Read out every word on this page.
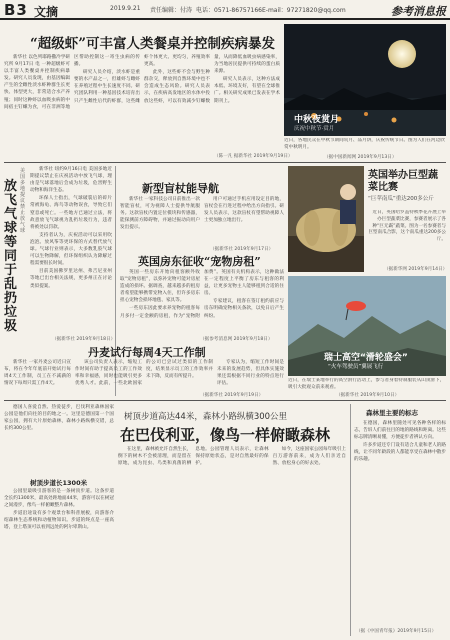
B3 文摘	2019.9.21 责任编辑：付涛 电话：0571-86757166 E-mail：97271820@qq.com	参考消息报
“超级虾”可丰富人类餐桌并控制疾病暴发

新华社 以色列耶路撒冷学研究所 9月17日 电 一种超级虾可以丰富人类餐桌并控制疾病暴发。研究人员发现，由基因编辑产生的全雌性淡水虾种群生长更快、体型更大，非常适合水产养殖；同时这种虾以血吸虫病的中间宿主钉螺为食，可在非洲等地区帮助控制这一寄生虫病的传播。

研究人员介绍，淡水虾是重要的水产品之一，但雄虾与雌虾在养殖过程中生长速度不同。研究团队利用一种基因技术培育出只产生雌性后代的虾群，这些雌虾个体更大、更均匀，养殖效率更高。

此外，这些虾不会与野生种群杂交，释放到自然环境中也不会造成生态风险。研究人员表示，在疾病高发地区的水体中投放这些虾，可以有效减少钉螺数量，从而降低血吸虫病感染率，为当地居民提供可持续的蛋白质来源。

研究人员表示，这种方法成本低、环境友好，有望在全球推广。相关研究成果已发表在学术期刊上。

（陈一凡 据新华社 2019年9月19日）
中秋夜赏月
庆祝中秋节·赏月
近日，各地民众在中秋节期间赏月、品月饼，庆祝传统节日。图为人们在河边欣赏中秋明月。
（据中国新闻网 2019年9月13日）
放飞气球等同于乱扔垃圾
美国多地提议禁止放气球

新华社 纽约9月16日电 美国多地近期提议禁止在庆祝活动中放飞气球，理由是气球落地后会成为垃圾，危害野生动物和海洋生态。

环保人士指出，气球破裂后的碎片常被海龟、海鸟等动物误食，导致它们窒息或死亡。一些地方已通过立法，将故意放飞气球视为乱扔垃圾行为，违者将被处以罚款。

支持者认为，庆祝活动可以采用吹泡泡、放风筝等更环保的方式替代放气球。气球行业则表示，大多数乳胶气球可以生物降解，但环保组织认为降解过程需要很长时间。

目前美国佛罗里达州、弗吉尼亚州等地已出台相关法规，更多州正在讨论类似提案。

（据新华社 2019年9月18日）
新型盲杖能导航

新华社 一家科技公司日前推出一款智能盲杖，可为视障人士提供导航服务。这款盲杖内置定位模块和传感器，能探测前方障碍物，并通过振动向用户发出提示。

用户可通过手机应用设定目的地，盲杖会在行进过程中给出方向指引。研发人员表示，这款盲杖有望帮助视障人士更加独立地出行。

（据新华社 2019年9月17日）
英国房东征收“宠物房租”

英国一些房东开始向租客额外收取“宠物房租”，以弥补宠物可能对房屋造成的损坏。据调查，越来越多的租房者希望能够携带宠物入住，但许多房东担心宠物会损坏地毯、家具等。

一些房东因此要求养宠物的租客每月多付一定金额的房租，作为“宠物附加费”。英国有关机构表示，这种做法在一定程度上平衡了房东与租客的利益，让更多宠物主人能够租到合适的住房。

专家建议，租客在签订租约前应与房东明确宠物相关条款，以免日后产生纠纷。

（据参考消息网 2019年9月18日）
英国举办巨型蔬菜比赛
“巨苹南瓜”重达200多公斤
近日，英国哈罗盖特秋季花卉展上举办巨型蔬菜比赛，参赛者展示了各种“巨无霸”蔬菜。图为一名参赛者与巨型南瓜合影，这个南瓜重达200多公斤。
（据新华网 2019年9月14日）
瑞士高空“滑轮盛会”
“火车驾驶员”翼展飞行
近日，在瑞士某地举行的高空滑行活动上，参与者身着特制服装从山顶滑下，吸引大批观众前来观看。
（据新华社 2019年9月10日）
丹麦试行每周4天工作制

新华社 一家丹麦公司近日宣布，将在今年年底前开始试行每周4天工作制，员工在不减薪的情况下每周只需工作4天。

该公司负责人表示，缩短工作时间有助于提高员工的工作效率和幸福感，同时也能吸引更多优秀人才。此前，一些北欧国家的公司已尝试过类似的工作制度，结果显示员工的工作效率并未下降，反而有所提升。

专家认为，缩短工作时间是未来的发展趋势，但具体实施效果还需根据不同行业的特点进行评估。

（据新华社 2019年9月19日）

德国人喜爱自然、热爱徒步，巴伐利亚森林国家公园是他们向往的目的地之一。这里是德国第一个国家公园，拥有大片原始森林，森林小路纵横交错，总长约300公里。

树顶步道长1300米

公园里最吸引游客的是一条树顶步道。这条步道全长约1300米，最高处距地面44米，游客可以在树冠之间漫步，像鸟一样俯瞰整片森林。

步道沿途设有多个观景台和科普展板，向游客介绍森林生态系统和动植物知识。步道的终点是一座高塔，登上塔顶可以看到远处的阿尔卑斯山。

树顶步道高达44米，森林小路纵横300公里
在巴伐利亚，像鸟一样俯瞰森林

在这里，森林被允许自然生长，倒下的树木不会被清理，而是留在原地，成为昆虫、鸟类和真菌的栖息地。公园管理人员表示，让森林保持原始状态，是对自然最好的保护。

如今，这座国家公园每年吸引上百万游客前来，成为人们亲近自然、放松身心的好去处。

森林里主要的标志

在德国，森林里随处可见各种各样的标志，告诉人们前往目的地的路线和距离。这些标志牌清晰易懂，方便徒步者辨认方向。

许多步道还专门设有适合儿童和老人的路线，让不同年龄段的人都能享受在森林中散步的乐趣。

（据《中国青年报》2019年9月15日）
